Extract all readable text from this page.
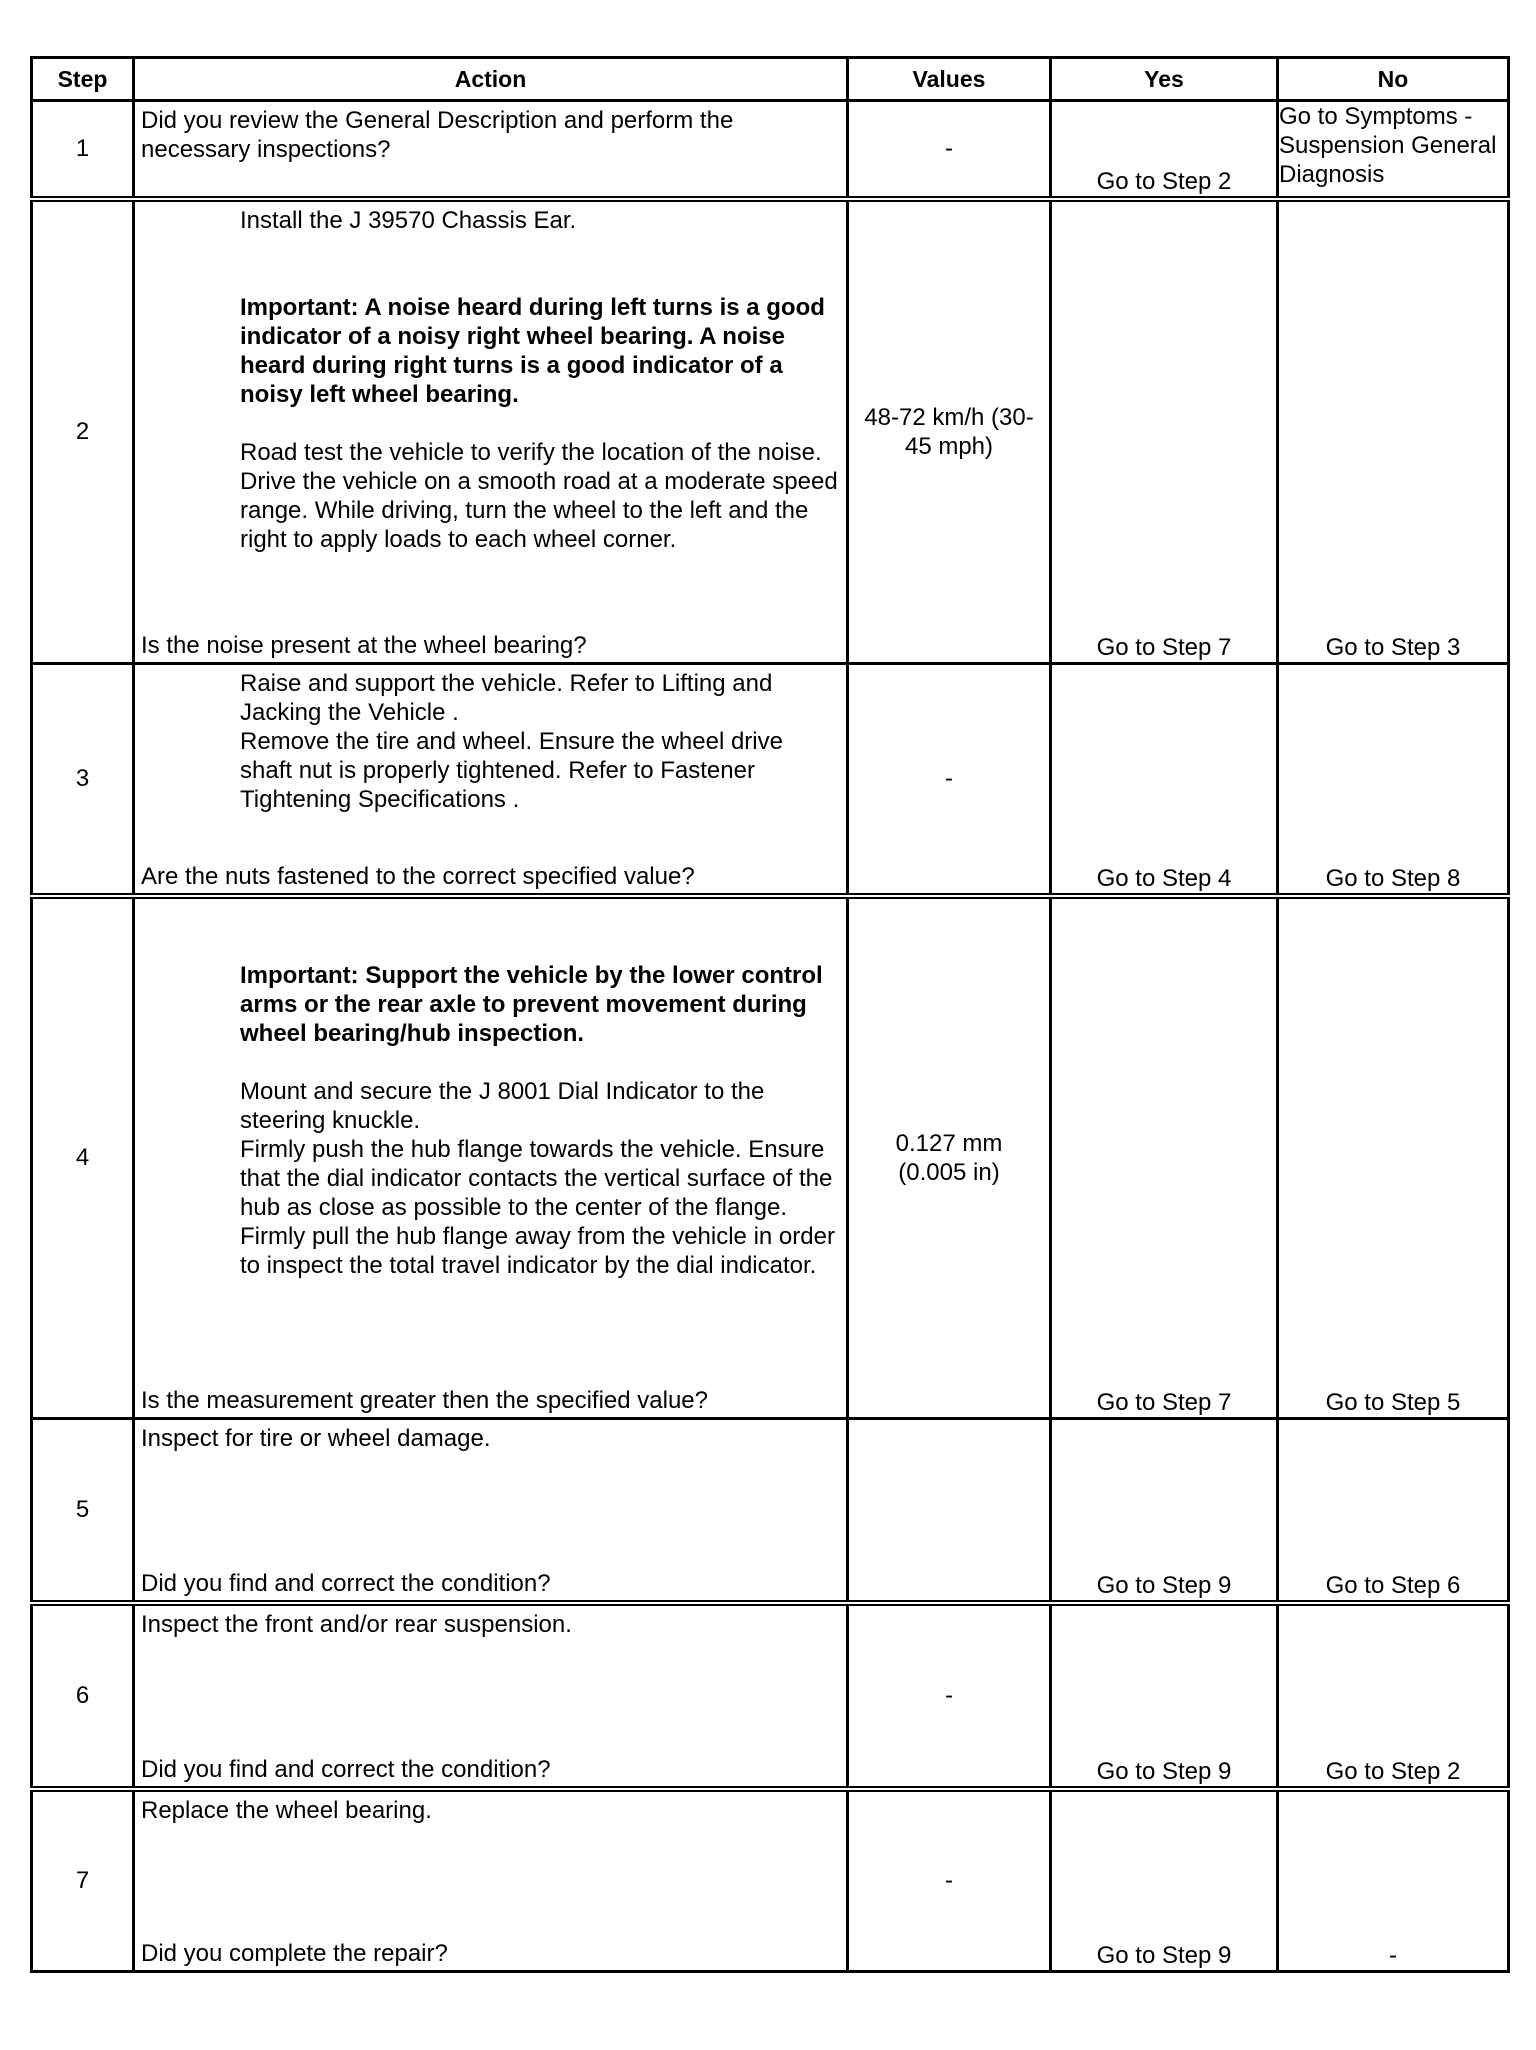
Step	Action	Values	Yes	No
1	Did you review the General Description and perform the necessary inspections?	-	Go to Step 2	Go to Symptoms - Suspension General Diagnosis
2	Install the J 39570 Chassis Ear.
Important: A noise heard during left turns is a good indicator of a noisy right wheel bearing. A noise heard during right turns is a good indicator of a noisy left wheel bearing.
Road test the vehicle to verify the location of the noise. Drive the vehicle on a smooth road at a moderate speed range. While driving, turn the wheel to the left and the right to apply loads to each wheel corner.
Is the noise present at the wheel bearing?	48-72 km/h (30-45 mph)	Go to Step 7	Go to Step 3
3	Raise and support the vehicle. Refer to Lifting and Jacking the Vehicle .
Remove the tire and wheel. Ensure the wheel drive shaft nut is properly tightened. Refer to Fastener Tightening Specifications .
Are the nuts fastened to the correct specified value?	-	Go to Step 4	Go to Step 8
4	Important: Support the vehicle by the lower control arms or the rear axle to prevent movement during wheel bearing/hub inspection.
Mount and secure the J 8001 Dial Indicator to the steering knuckle.
Firmly push the hub flange towards the vehicle. Ensure that the dial indicator contacts the vertical surface of the hub as close as possible to the center of the flange.
Firmly pull the hub flange away from the vehicle in order to inspect the total travel indicator by the dial indicator.
Is the measurement greater then the specified value?	0.127 mm (0.005 in)	Go to Step 7	Go to Step 5
5	Inspect for tire or wheel damage.
Did you find and correct the condition?		Go to Step 9	Go to Step 6
6	Inspect the front and/or rear suspension.
Did you find and correct the condition?	-	Go to Step 9	Go to Step 2
7	Replace the wheel bearing.
Did you complete the repair?	-	Go to Step 9	-
